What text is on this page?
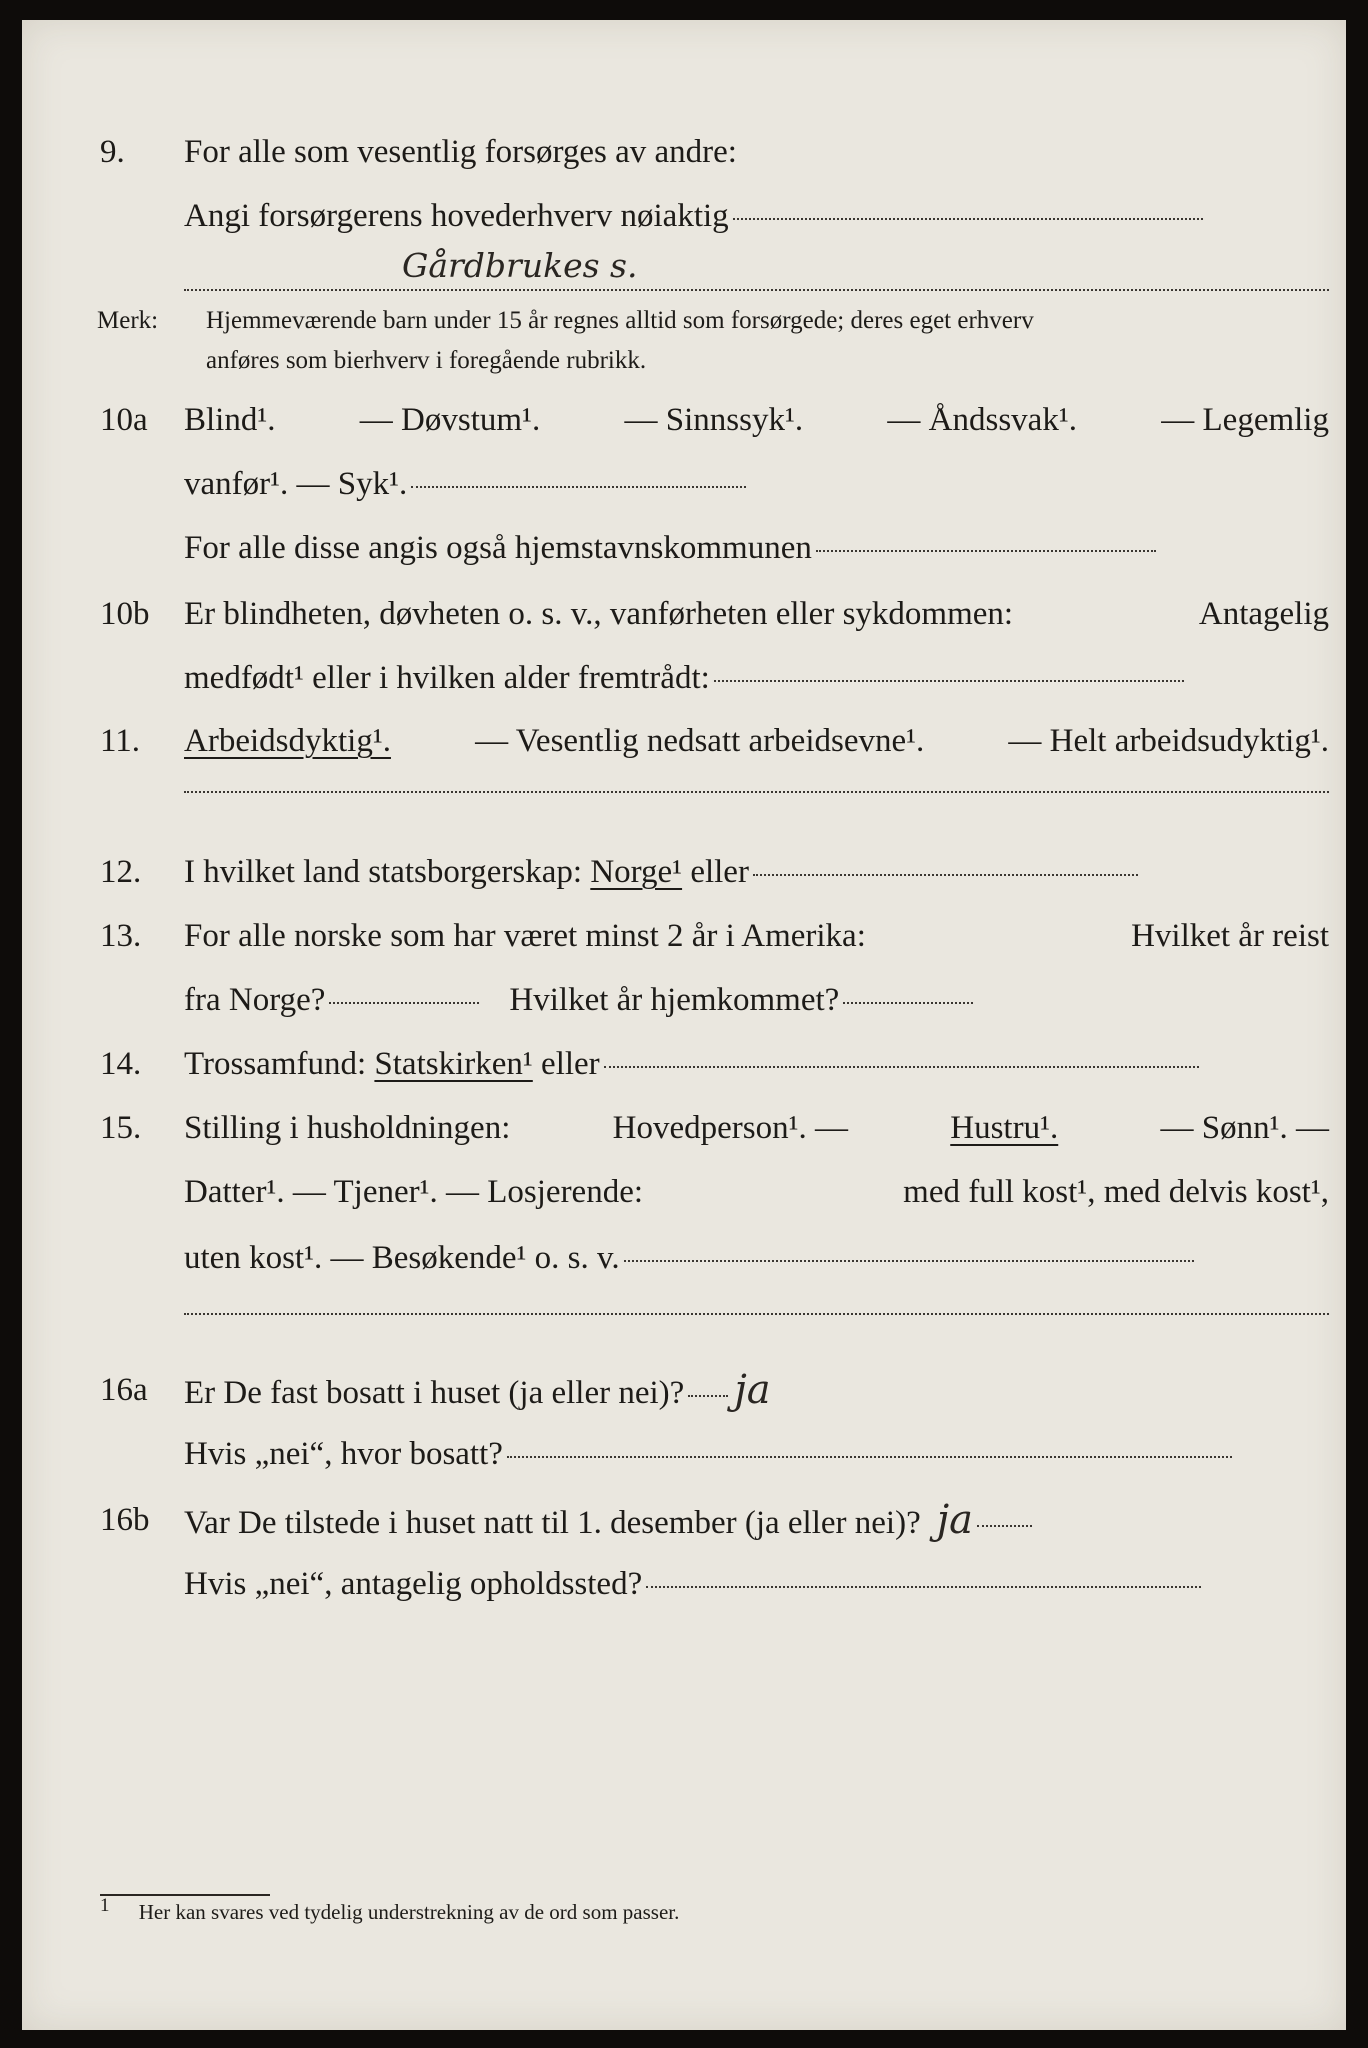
9. For alle som vesentlig forsørges av andre:
Angi forsørgerens hovederhverv nøiaktig
Gårdbrukes s.
Merk: Hjemmeværende barn under 15 år regnes alltid som forsørgede; deres eget erhverv
anføres som bierhverv i foregående rubrikk.
10a Blind¹.	— Døvstum¹.	— Sinnssyk¹.	— Åndssvak¹.	— Legemlig
vanfør¹. — Syk¹.
For alle disse angis også hjemstavnskommunen
10b Er blindheten, døvheten o. s. v., vanførheten eller sykdommen:	Antagelig
medfødt¹ eller i hvilken alder fremtrådt:
11. Arbeidsdyktig¹.	— Vesentlig nedsatt arbeidsevne¹.	— Helt arbeidsudyktig¹.
12. I hvilket land statsborgerskap: Norge¹ eller
13. For alle norske som har været minst 2 år i Amerika:	Hvilket år reist
fra Norge?	Hvilket år hjemkommet?
14. Trossamfund: Statskirken¹ eller
15. Stilling i husholdningen:	Hovedperson¹. —	Hustru¹.	— Sønn¹. —
Datter¹. — Tjener¹. — Losjerende:	med full kost¹, med delvis kost¹,
uten kost¹. — Besøkende¹ o. s. v.
16a Er De fast bosatt i huset (ja eller nei)? ja
Hvis „nei“, hvor bosatt?
16b Var De tilstede i huset natt til 1. desember (ja eller nei)? ja
Hvis „nei“, antagelig opholdssted?
1 Her kan svares ved tydelig understrekning av de ord som passer.
